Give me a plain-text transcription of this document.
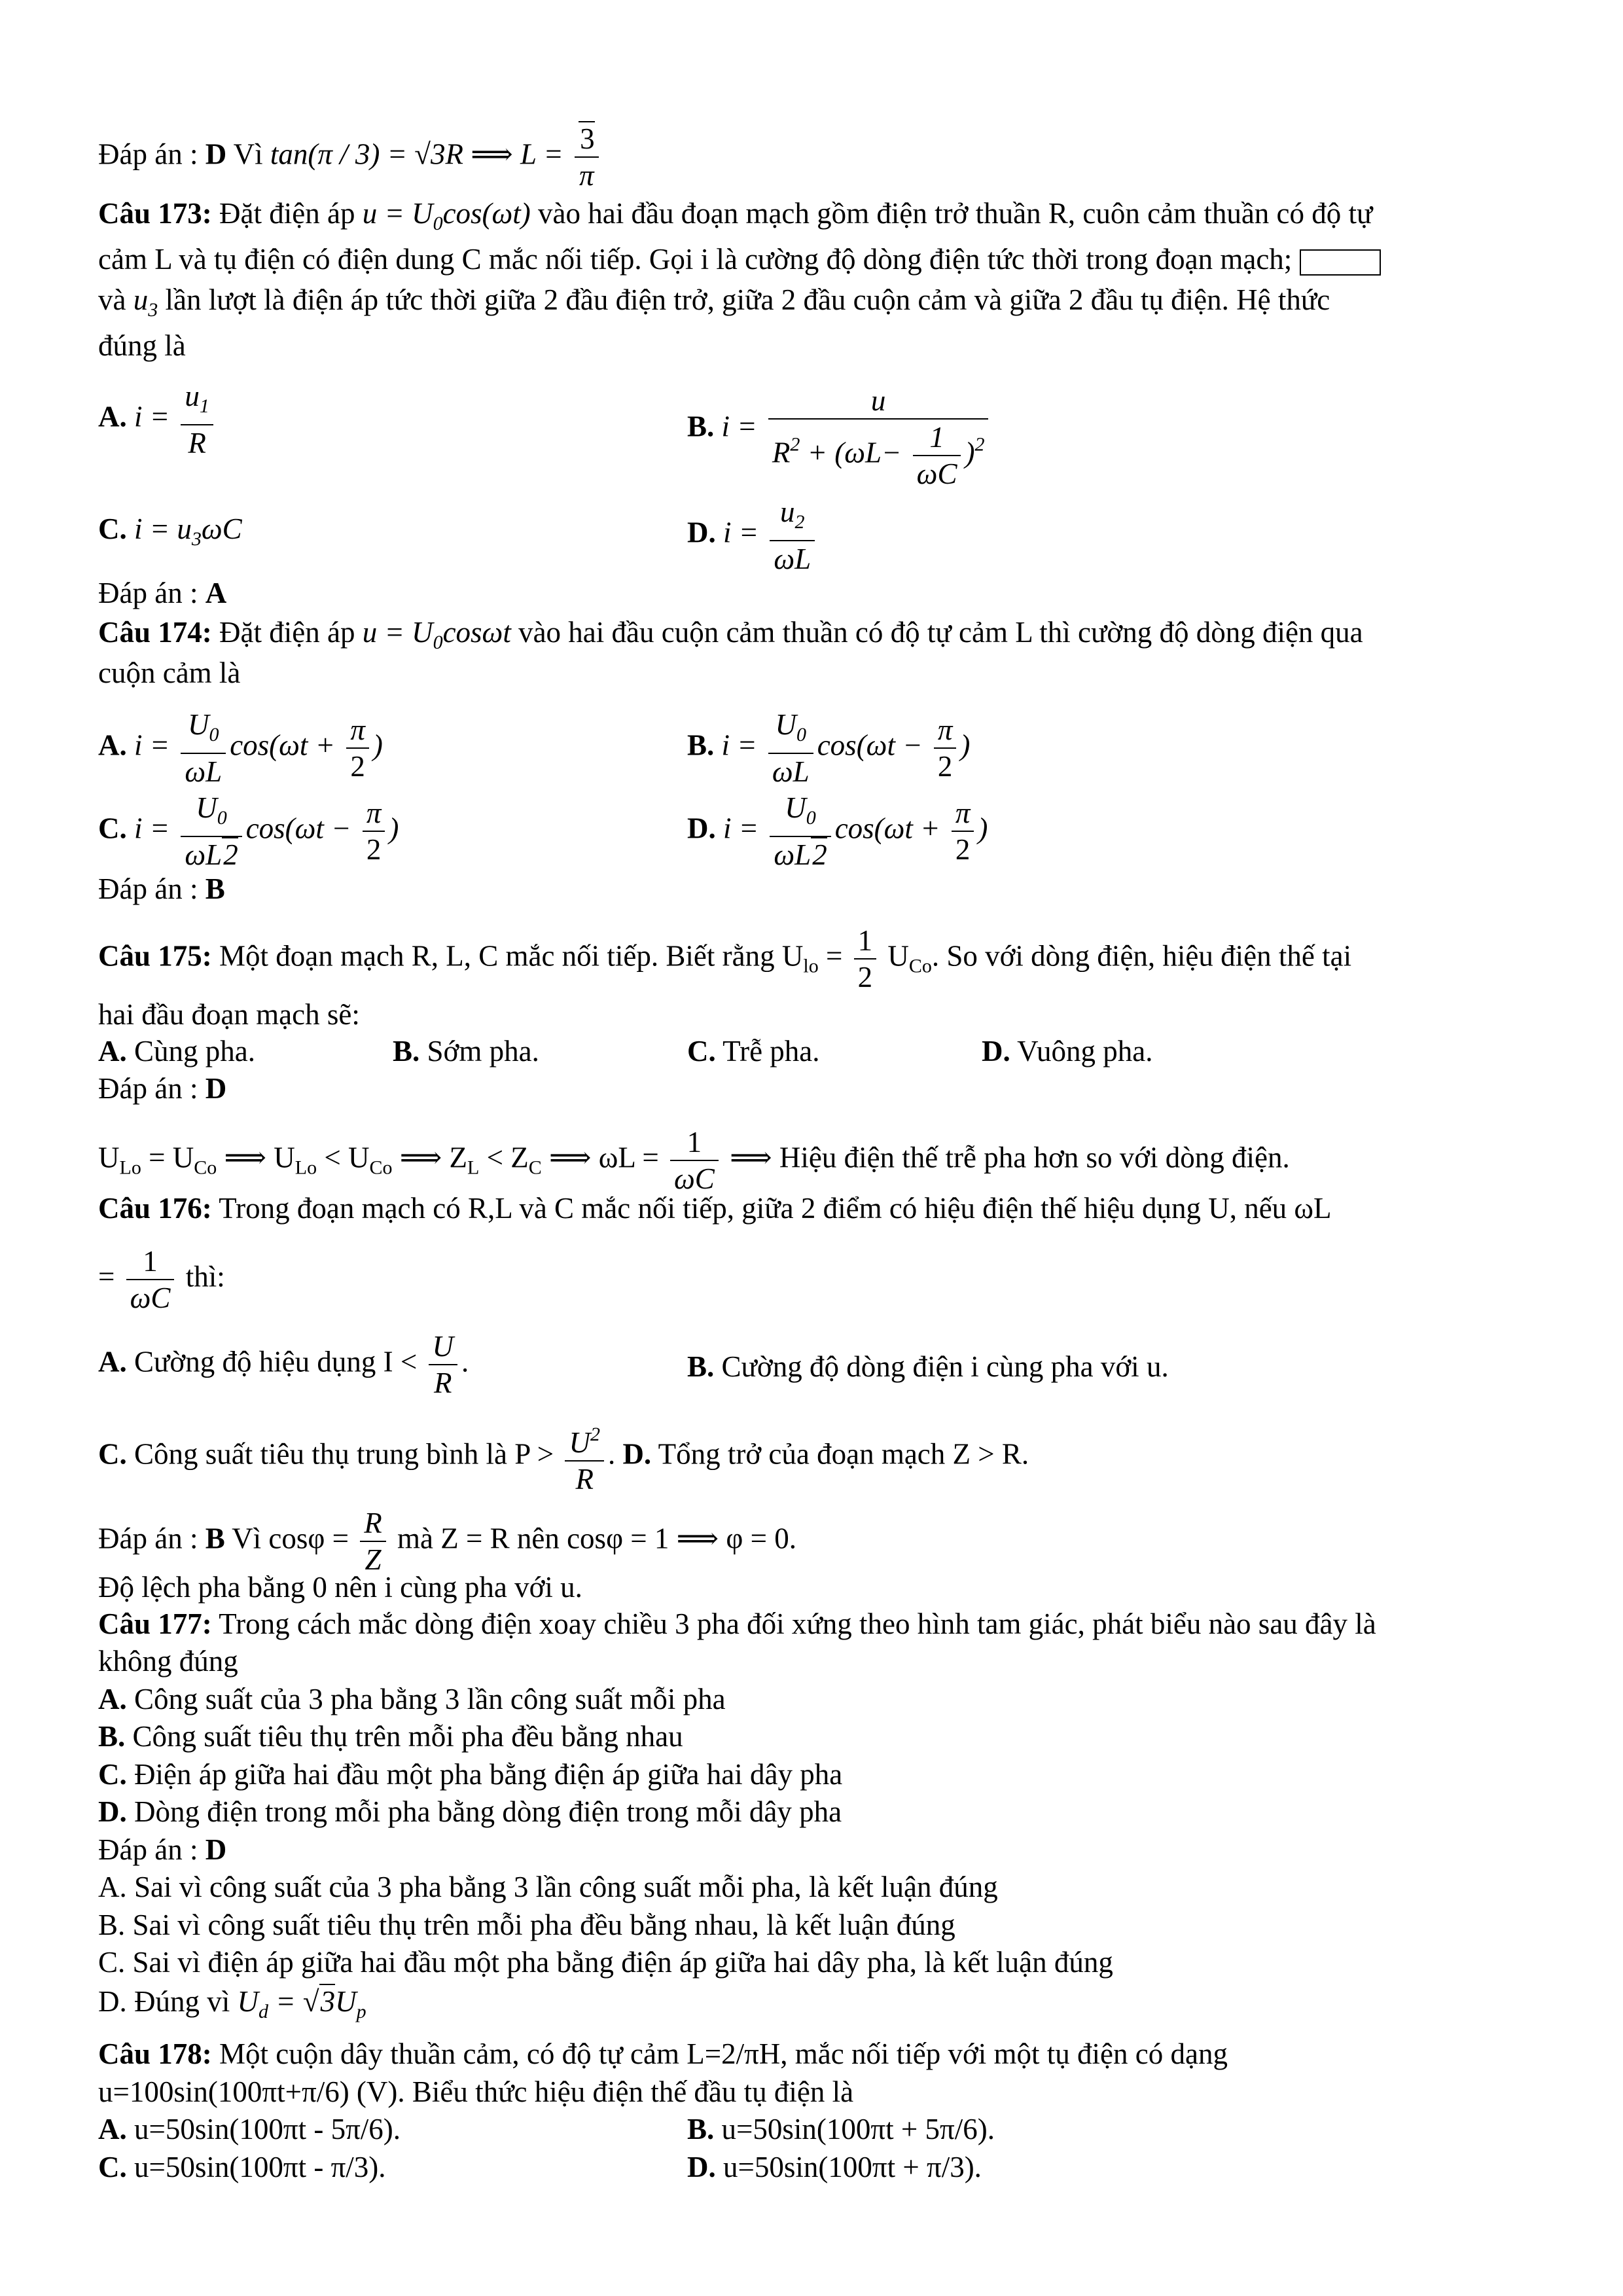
Đáp án : D Vì tan(π / 3) = √3R ⟹ $L = \frac{3}{\pi}$
Câu 173: Đặt điện áp $u = U_0\cos(\omega t)$ vào hai đầu đoạn mạch gồm điện trở thuần R, cuôn cảm thuần có độ tự
cảm L và tụ điện có điện dung C mắc nối tiếp. Gọi i là cường độ dòng điện tức thời trong đoạn mạch;
và $u_3$ lần lượt là điện áp tức thời giữa 2 đầu điện trở, giữa 2 đầu cuộn cảm và giữa 2 đầu tụ điện. Hệ thức
đúng là
A. $i = \frac{u_1}{R}$	B. $i = \frac{u}{R^2 + (\omega L- \frac{1}{\omega C} )^2}$
C. $i = u_3\omega C$	D. $i = \frac{u_2}{\omega L}$
Đáp án : A
Câu 174: Đặt điện áp $u = U_0\cos\omega t$ vào hai đầu cuộn cảm thuần có độ tự cảm L thì cường độ dòng điện qua
cuộn cảm là
A. $i = \frac{U_0}{\omega L} \cos(\omega t + \frac{\pi}{2}$ )	B. $i = \frac{U_0}{\omega L} \cos(\omega t - \frac{\pi}{2}$ )
C. $i = \frac{U_0}{\omega L2} \cos(\omega t - \frac{\pi}{2}$ )	D. $i = \frac{U_0}{\omega L2} \cos(\omega t + \frac{\pi}{2}$ )
Đáp án : B
Câu 175: Một đoạn mạch R, L, C mắc nối tiếp. Biết rằng $U_{lo} = \frac{1}{2} U_{Co}$. So với dòng điện, hiệu điện thế tại
hai đầu đoạn mạch sẽ:
A. Cùng pha.	B. Sớm pha.	C. Trễ pha.	D. Vuông pha.
Đáp án : D
$U_{Lo} = U_{Co}$ ⟹ $U_{Lo} < U_{Co}$ ⟹ $Z_L < Z_C$ ⟹ $\omega L = \frac{1}{\omega C}$ ⟹ Hiệu điện thế trễ pha hơn so với dòng điện.
Câu 176: Trong đoạn mạch có R,L và C mắc nối tiếp, giữa 2 điểm có hiệu điện thế hiệu dụng U, nếu ωL
= $\frac{1}{\omega C}$ thì:
A. Cường độ hiệu dụng $I < \frac{U}{R}$ .	B. Cường độ dòng điện i cùng pha với u.
C. Công suất tiêu thụ trung bình là $P > \frac{U^2}{R}$ . D. Tổng trở của đoạn mạch Z > R.
Đáp án : B Vì $\cos\varphi = \frac{R}{Z}$ mà Z = R nên cosφ = 1 ⟹ φ = 0.
Độ lệch pha bằng 0 nên i cùng pha với u.
Câu 177: Trong cách mắc dòng điện xoay chiều 3 pha đối xứng theo hình tam giác, phát biểu nào sau đây là
không đúng
A. Công suất của 3 pha bằng 3 lần công suất mỗi pha
B. Công suất tiêu thụ trên mỗi pha đều bằng nhau
C. Điện áp giữa hai đầu một pha bằng điện áp giữa hai dây pha
D. Dòng điện trong mỗi pha bằng dòng điện trong mỗi dây pha
Đáp án : D
A. Sai vì công suất của 3 pha bằng 3 lần công suất mỗi pha, là kết luận đúng
B. Sai vì công suất tiêu thụ trên mỗi pha đều bằng nhau, là kết luận đúng
C. Sai vì điện áp giữa hai đầu một pha bằng điện áp giữa hai dây pha, là kết luận đúng
D. Đúng vì $U_d = √3U_p$
Câu 178: Một cuộn dây thuần cảm, có độ tự cảm L=2/πH, mắc nối tiếp với một tụ điện có dạng
u=100sin(100πt+π/6) (V). Biểu thức hiệu điện thế đầu tụ điện là
A. u=50sin(100πt - 5π/6).	B. u=50sin(100πt + 5π/6).
C. u=50sin(100πt - π/3).	D. u=50sin(100πt + π/3).
